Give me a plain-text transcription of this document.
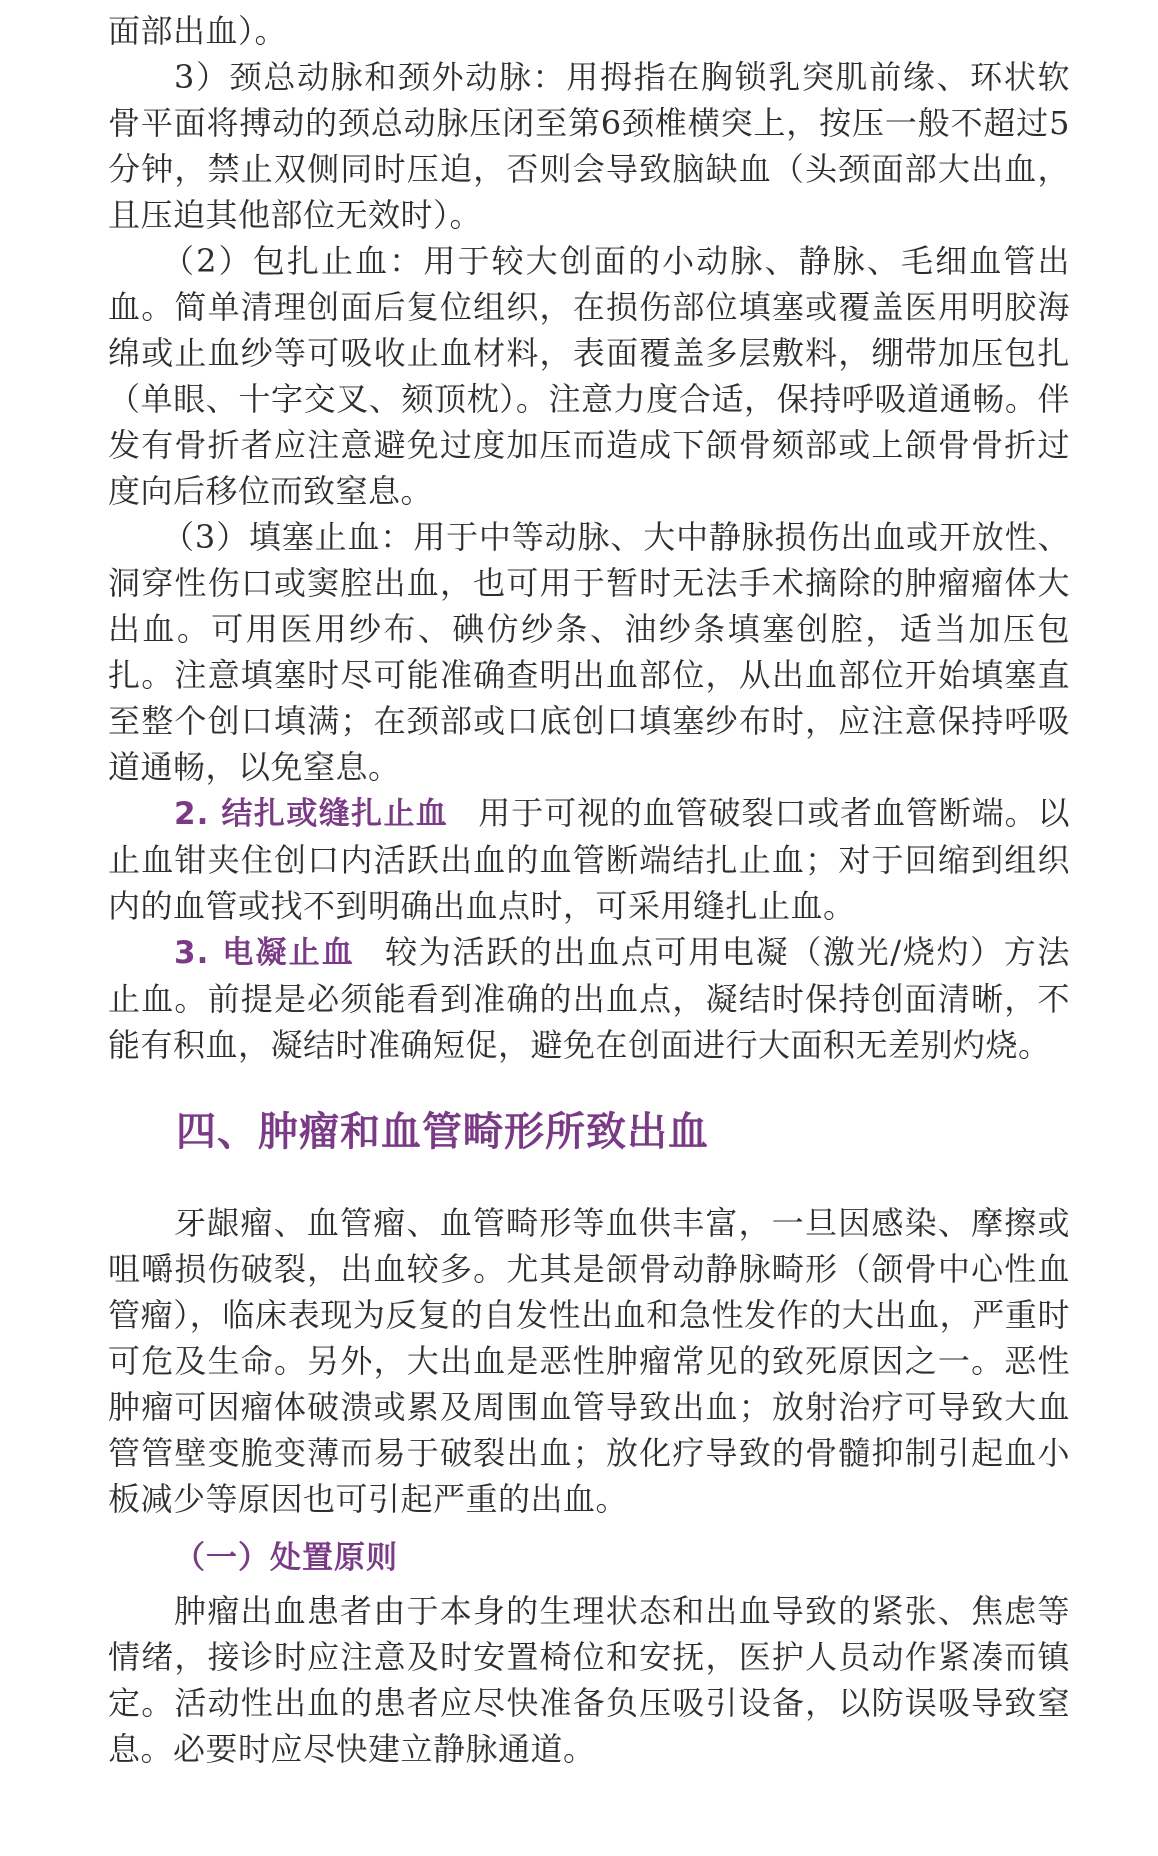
面部出血）。

3）颈总动脉和颈外动脉：用拇指在胸锁乳突肌前缘、环状软骨平面将搏动的颈总动脉压闭至第6颈椎横突上，按压一般不超过5分钟，禁止双侧同时压迫，否则会导致脑缺血（头颈面部大出血，且压迫其他部位无效时）。

（2）包扎止血：用于较大创面的小动脉、静脉、毛细血管出血。简单清理创面后复位组织，在损伤部位填塞或覆盖医用明胶海绵或止血纱等可吸收止血材料，表面覆盖多层敷料，绷带加压包扎（单眼、十字交叉、颏顶枕）。注意力度合适，保持呼吸道通畅。伴发有骨折者应注意避免过度加压而造成下颌骨颏部或上颌骨骨折过度向后移位而致窒息。

（3）填塞止血：用于中等动脉、大中静脉损伤出血或开放性、洞穿性伤口或窦腔出血，也可用于暂时无法手术摘除的肿瘤瘤体大出血。可用医用纱布、碘仿纱条、油纱条填塞创腔，适当加压包扎。注意填塞时尽可能准确查明出血部位，从出血部位开始填塞直至整个创口填满；在颈部或口底创口填塞纱布时，应注意保持呼吸道通畅，以免窒息。

2. 结扎或缝扎止血 用于可视的血管破裂口或者血管断端。以止血钳夹住创口内活跃出血的血管断端结扎止血；对于回缩到组织内的血管或找不到明确出血点时，可采用缝扎止血。

3. 电凝止血 较为活跃的出血点可用电凝（激光/烧灼）方法止血。前提是必须能看到准确的出血点，凝结时保持创面清晰，不能有积血，凝结时准确短促，避免在创面进行大面积无差别灼烧。

四、肿瘤和血管畸形所致出血

牙龈瘤、血管瘤、血管畸形等血供丰富，一旦因感染、摩擦或咀嚼损伤破裂，出血较多。尤其是颌骨动静脉畸形（颌骨中心性血管瘤），临床表现为反复的自发性出血和急性发作的大出血，严重时可危及生命。另外，大出血是恶性肿瘤常见的致死原因之一。恶性肿瘤可因瘤体破溃或累及周围血管导致出血；放射治疗可导致大血管管壁变脆变薄而易于破裂出血；放化疗导致的骨髓抑制引起血小板减少等原因也可引起严重的出血。

（一）处置原则

肿瘤出血患者由于本身的生理状态和出血导致的紧张、焦虑等情绪，接诊时应注意及时安置椅位和安抚，医护人员动作紧凑而镇定。活动性出血的患者应尽快准备负压吸引设备，以防误吸导致窒息。必要时应尽快建立静脉通道。
